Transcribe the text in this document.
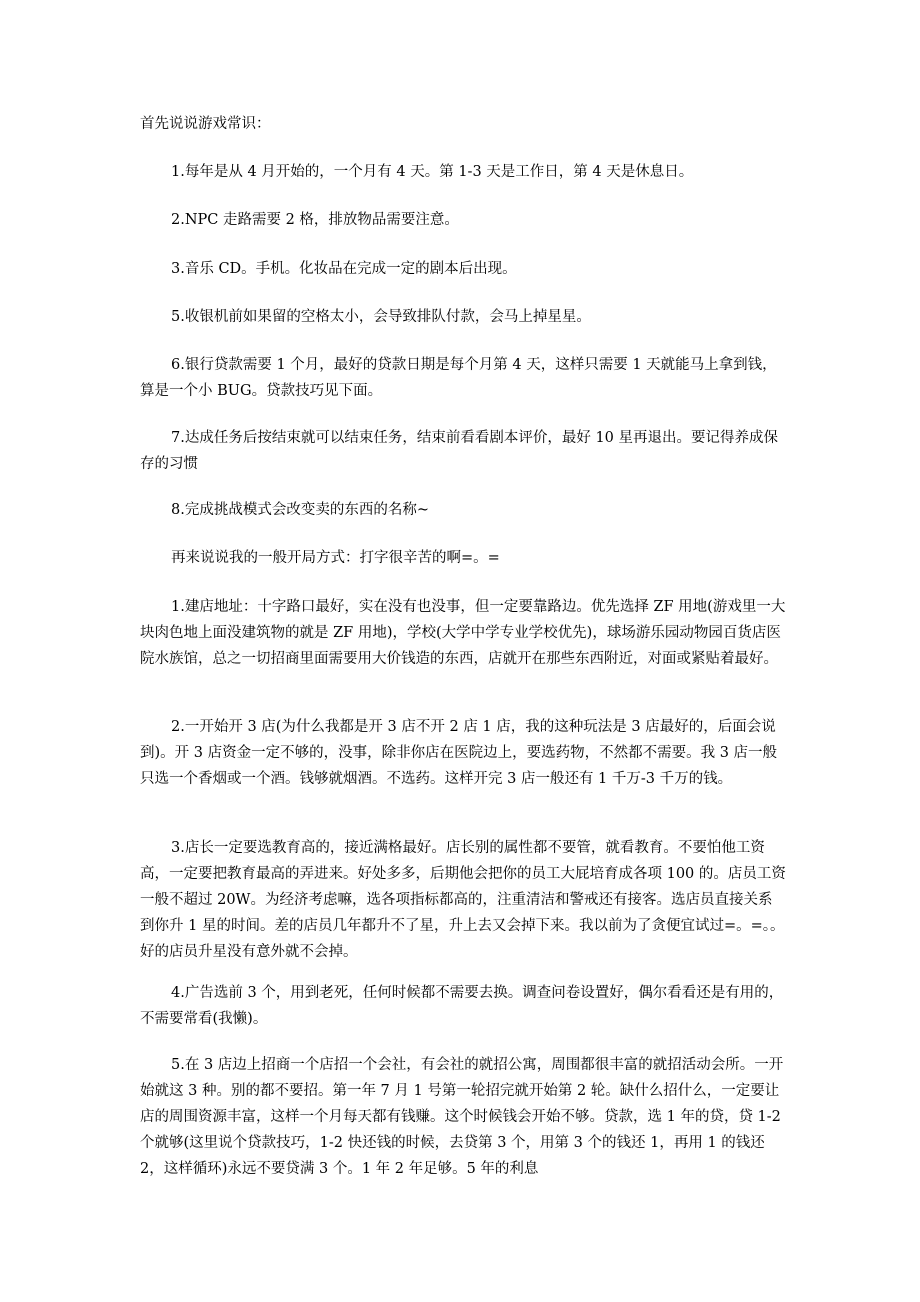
首先说说游戏常识：

1.每年是从 4 月开始的，一个月有 4 天。第 1-3 天是工作日，第 4 天是休息日。

2.NPC 走路需要 2 格，排放物品需要注意。

3.音乐 CD。手机。化妆品在完成一定的剧本后出现。

5.收银机前如果留的空格太小，会导致排队付款，会马上掉星星。

6.银行贷款需要 1 个月，最好的贷款日期是每个月第 4 天，这样只需要 1 天就能马上拿到钱，算是一个小 BUG。贷款技巧见下面。

7.达成任务后按结束就可以结束任务，结束前看看剧本评价，最好 10 星再退出。要记得养成保存的习惯

8.完成挑战模式会改变卖的东西的名称~

再来说说我的一般开局方式：打字很辛苦的啊=。=

1.建店地址：十字路口最好，实在没有也没事，但一定要靠路边。优先选择 ZF 用地(游戏里一大块肉色地上面没建筑物的就是 ZF 用地)，学校(大学中学专业学校优先)，球场游乐园动物园百货店医院水族馆，总之一切招商里面需要用大价钱造的东西，店就开在那些东西附近，对面或紧贴着最好。

2.一开始开 3 店(为什么我都是开 3 店不开 2 店 1 店，我的这种玩法是 3 店最好的，后面会说到)。开 3 店资金一定不够的，没事，除非你店在医院边上，要选药物，不然都不需要。我 3 店一般只选一个香烟或一个酒。钱够就烟酒。不选药。这样开完 3 店一般还有 1 千万-3 千万的钱。

3.店长一定要选教育高的，接近满格最好。店长别的属性都不要管，就看教育。不要怕他工资高，一定要把教育最高的弄进来。好处多多，后期他会把你的员工大屁培育成各项 100 的。店员工资一般不超过 20W。为经济考虑嘛，选各项指标都高的，注重清洁和警戒还有接客。选店员直接关系到你升 1 星的时间。差的店员几年都升不了星，升上去又会掉下来。我以前为了贪便宜试过=。=。。好的店员升星没有意外就不会掉。

4.广告选前 3 个，用到老死，任何时候都不需要去换。调查问卷设置好，偶尔看看还是有用的，不需要常看(我懒)。

5.在 3 店边上招商一个店招一个会社，有会社的就招公寓，周围都很丰富的就招活动会所。一开始就这 3 种。别的都不要招。第一年 7 月 1 号第一轮招完就开始第 2 轮。缺什么招什么，一定要让店的周围资源丰富，这样一个月每天都有钱赚。这个时候钱会开始不够。贷款，选 1 年的贷，贷 1-2 个就够(这里说个贷款技巧，1-2 快还钱的时候，去贷第 3 个，用第 3 个的钱还 1，再用 1 的钱还 2，这样循环)永远不要贷满 3 个。1 年 2 年足够。5 年的利息
